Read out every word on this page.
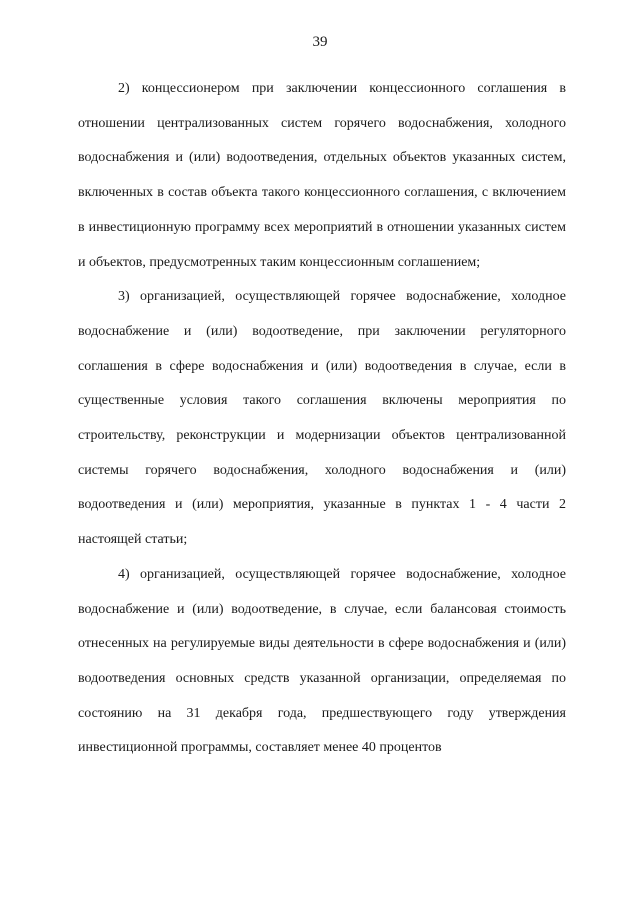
39

2) концессионером при заключении концессионного соглашения в отношении централизованных систем горячего водоснабжения, холодного водоснабжения и (или) водоотведения, отдельных объектов указанных систем, включенных в состав объекта такого концессионного соглашения, с включением в инвестиционную программу всех мероприятий в отношении указанных систем и объектов, предусмотренных таким концессионным соглашением;

3) организацией, осуществляющей горячее водоснабжение, холодное водоснабжение и (или) водоотведение, при заключении регуляторного соглашения в сфере водоснабжения и (или) водоотведения в случае, если в существенные условия такого соглашения включены мероприятия по строительству, реконструкции и модернизации объектов централизованной системы горячего водоснабжения, холодного водоснабжения и (или) водоотведения и (или) мероприятия, указанные в пунктах 1 - 4 части 2 настоящей статьи;

4) организацией, осуществляющей горячее водоснабжение, холодное водоснабжение и (или) водоотведение, в случае, если балансовая стоимость отнесенных на регулируемые виды деятельности в сфере водоснабжения и (или) водоотведения основных средств указанной организации, определяемая по состоянию на 31 декабря года, предшествующего году утверждения инвестиционной программы, составляет менее 40 процентов
